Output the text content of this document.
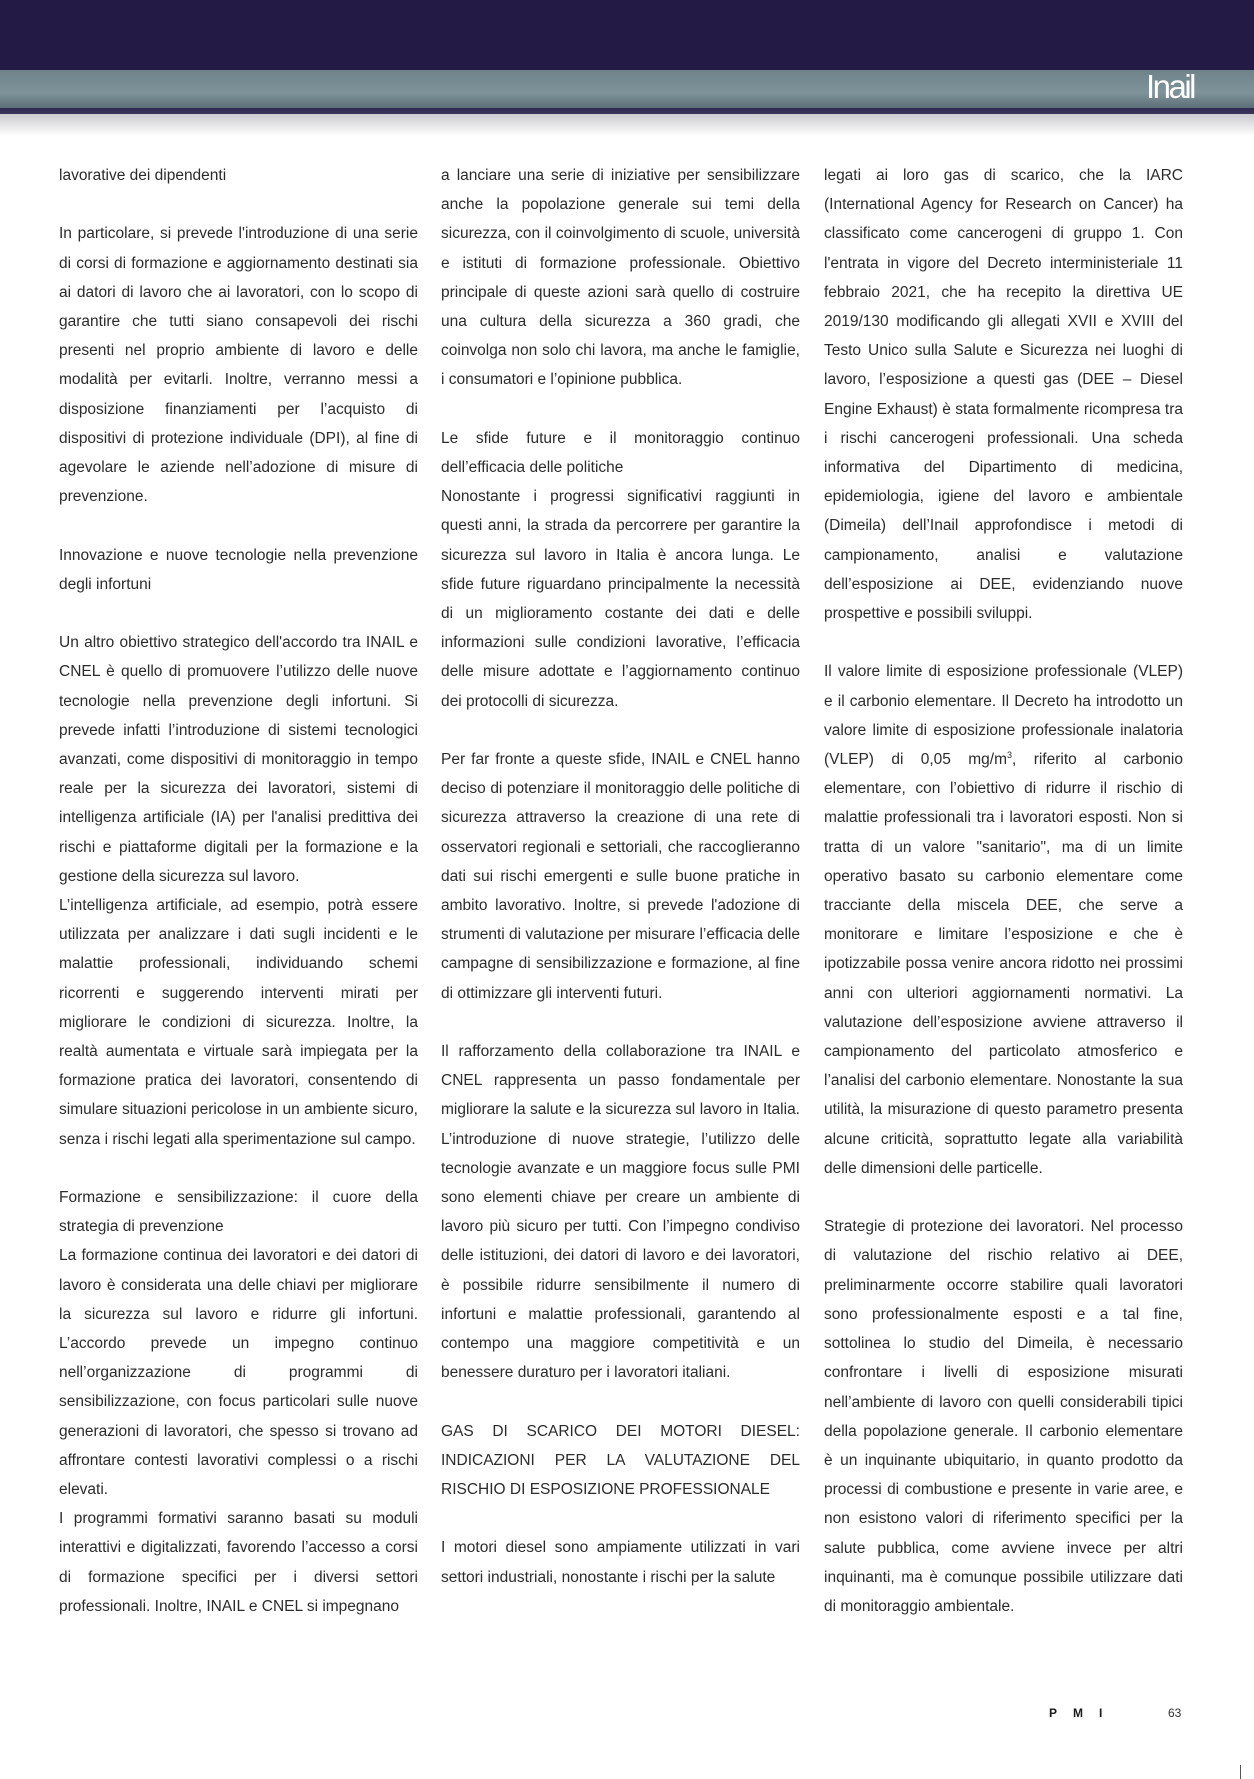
Inail

lavorative dei dipendenti

In particolare, si prevede l'introduzione di una serie di corsi di formazione e aggiornamento destinati sia ai datori di lavoro che ai lavoratori, con lo scopo di garantire che tutti siano consapevoli dei rischi presenti nel proprio ambiente di lavoro e delle modalità per evitarli. Inoltre, verranno messi a disposizione finanziamenti per l’acquisto di dispositivi di protezione individuale (DPI), al fine di agevolare le aziende nell’adozione di misure di prevenzione.

Innovazione e nuove tecnologie nella prevenzione degli infortuni

Un altro obiettivo strategico dell'accordo tra INAIL e CNEL è quello di promuovere l’utilizzo delle nuove tecnologie nella prevenzione degli infortuni. Si prevede infatti l’introduzione di sistemi tecnologici avanzati, come dispositivi di monitoraggio in tempo reale per la sicurezza dei lavoratori, sistemi di intelligenza artificiale (IA) per l'analisi predittiva dei rischi e piattaforme digitali per la formazione e la gestione della sicurezza sul lavoro.

L’intelligenza artificiale, ad esempio, potrà essere utilizzata per analizzare i dati sugli incidenti e le malattie professionali, individuando schemi ricorrenti e suggerendo interventi mirati per migliorare le condizioni di sicurezza. Inoltre, la realtà aumentata e virtuale sarà impiegata per la formazione pratica dei lavoratori, consentendo di simulare situazioni pericolose in un ambiente sicuro, senza i rischi legati alla sperimentazione sul campo.

Formazione e sensibilizzazione: il cuore della strategia di prevenzione

La formazione continua dei lavoratori e dei datori di lavoro è considerata una delle chiavi per migliorare la sicurezza sul lavoro e ridurre gli infortuni. L’accordo prevede un impegno continuo nell’organizzazione di programmi di sensibilizzazione, con focus particolari sulle nuove generazioni di lavoratori, che spesso si trovano ad affrontare contesti lavorativi complessi o a rischi elevati.

I programmi formativi saranno basati su moduli interattivi e digitalizzati, favorendo l’accesso a corsi di formazione specifici per i diversi settori professionali. Inoltre, INAIL e CNEL si impegnano

a lanciare una serie di iniziative per sensibilizzare anche la popolazione generale sui temi della sicurezza, con il coinvolgimento di scuole, università e istituti di formazione professionale. Obiettivo principale di queste azioni sarà quello di costruire una cultura della sicurezza a 360 gradi, che coinvolga non solo chi lavora, ma anche le famiglie, i consumatori e l’opinione pubblica.

Le sfide future e il monitoraggio continuo dell’efficacia delle politiche

Nonostante i progressi significativi raggiunti in questi anni, la strada da percorrere per garantire la sicurezza sul lavoro in Italia è ancora lunga. Le sfide future riguardano principalmente la necessità di un miglioramento costante dei dati e delle informazioni sulle condizioni lavorative, l’efficacia delle misure adottate e l’aggiornamento continuo dei protocolli di sicurezza.

Per far fronte a queste sfide, INAIL e CNEL hanno deciso di potenziare il monitoraggio delle politiche di sicurezza attraverso la creazione di una rete di osservatori regionali e settoriali, che raccoglieranno dati sui rischi emergenti e sulle buone pratiche in ambito lavorativo. Inoltre, si prevede l'adozione di strumenti di valutazione per misurare l’efficacia delle campagne di sensibilizzazione e formazione, al fine di ottimizzare gli interventi futuri.

Il rafforzamento della collaborazione tra INAIL e CNEL rappresenta un passo fondamentale per migliorare la salute e la sicurezza sul lavoro in Italia. L’introduzione di nuove strategie, l’utilizzo delle tecnologie avanzate e un maggiore focus sulle PMI sono elementi chiave per creare un ambiente di lavoro più sicuro per tutti. Con l’impegno condiviso delle istituzioni, dei datori di lavoro e dei lavoratori, è possibile ridurre sensibilmente il numero di infortuni e malattie professionali, garantendo al contempo una maggiore competitività e un benessere duraturo per i lavoratori italiani.

GAS DI SCARICO DEI MOTORI DIESEL: INDICAZIONI PER LA VALUTAZIONE DEL RISCHIO DI ESPOSIZIONE PROFESSIONALE

I motori diesel sono ampiamente utilizzati in vari settori industriali, nonostante i rischi per la salute

legati ai loro gas di scarico, che la IARC (International Agency for Research on Cancer) ha classificato come cancerogeni di gruppo 1. Con l'entrata in vigore del Decreto interministeriale 11 febbraio 2021, che ha recepito la direttiva UE 2019/130 modificando gli allegati XVII e XVIII del Testo Unico sulla Salute e Sicurezza nei luoghi di lavoro, l’esposizione a questi gas (DEE – Diesel Engine Exhaust) è stata formalmente ricompresa tra i rischi cancerogeni professionali. Una scheda informativa del Dipartimento di medicina, epidemiologia, igiene del lavoro e ambientale (Dimeila) dell’Inail approfondisce i metodi di campionamento, analisi e valutazione dell’esposizione ai DEE, evidenziando nuove prospettive e possibili sviluppi.

Il valore limite di esposizione professionale (VLEP) e il carbonio elementare. Il Decreto ha introdotto un valore limite di esposizione professionale inalatoria (VLEP) di 0,05 $mg/m^3$, riferito al carbonio elementare, con l’obiettivo di ridurre il rischio di malattie professionali tra i lavoratori esposti. Non si tratta di un valore "sanitario", ma di un limite operativo basato su carbonio elementare come tracciante della miscela DEE, che serve a monitorare e limitare l’esposizione e che è ipotizzabile possa venire ancora ridotto nei prossimi anni con ulteriori aggiornamenti normativi. La valutazione dell’esposizione avviene attraverso il campionamento del particolato atmosferico e l’analisi del carbonio elementare. Nonostante la sua utilità, la misurazione di questo parametro presenta alcune criticità, soprattutto legate alla variabilità delle dimensioni delle particelle.

Strategie di protezione dei lavoratori. Nel processo di valutazione del rischio relativo ai DEE, preliminarmente occorre stabilire quali lavoratori sono professionalmente esposti e a tal fine, sottolinea lo studio del Dimeila, è necessario confrontare i livelli di esposizione misurati nell’ambiente di lavoro con quelli considerabili tipici della popolazione generale. Il carbonio elementare è un inquinante ubiquitario, in quanto prodotto da processi di combustione e presente in varie aree, e non esistono valori di riferimento specifici per la salute pubblica, come avviene invece per altri inquinanti, ma è comunque possibile utilizzare dati di monitoraggio ambientale.

PMI	63
